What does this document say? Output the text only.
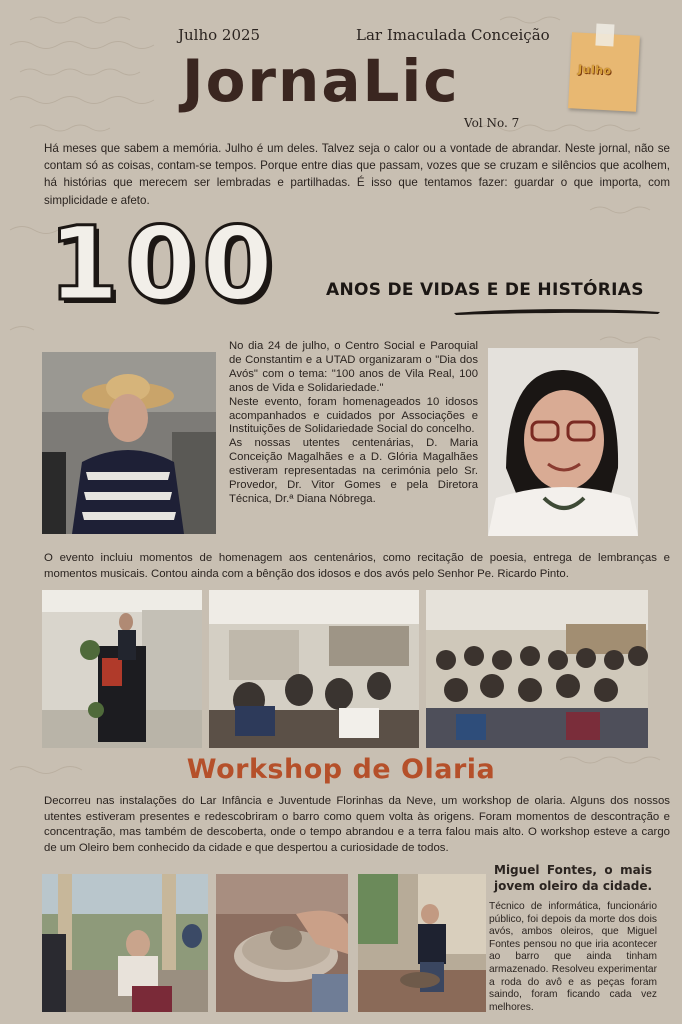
Julho 2025	Lar Imaculada Conceição
JornaLic
Vol No. 7
Julho
Há meses que sabem a memória. Julho é um deles. Talvez seja o calor ou a vontade de abrandar. Neste jornal, não se contam só as coisas, contam-se tempos. Porque entre dias que passam, vozes que se cruzam e silêncios que acolhem, há histórias que merecem ser lembradas e partilhadas. É isso que tentamos fazer: guardar o que importa, com simplicidade e afeto.
100	ANOS DE VIDAS E DE HISTÓRIAS

No dia 24 de julho, o Centro Social e Paroquial de Constantim e a UTAD organizaram o "Dia dos Avós" com o tema: "100 anos de Vila Real, 100 anos de Vida e Solidariedade."

Neste evento, foram homenageados 10 idosos acompanhados e cuidados por Associações e Instituições de Solidariedade Social do concelho.

As nossas utentes centenárias, D. Maria Conceição Magalhães e a D. Glória Magalhães estiveram representadas na cerimónia pelo Sr. Provedor, Dr. Vitor Gomes e pela Diretora Técnica, Dr.ª Diana Nóbrega.

O evento incluiu momentos de homenagem aos centenários, como recitação de poesia, entrega de lembranças e momentos musicais. Contou ainda com a bênção dos idosos e dos avós pelo Senhor Pe. Ricardo Pinto.
Workshop de Olaria
Decorreu nas instalações do Lar Infância e Juventude Florinhas da Neve, um workshop de olaria. Alguns dos nossos utentes estiveram presentes e redescobriram o barro como quem volta às origens. Foram momentos de descontração e concentração, mas também de descoberta, onde o tempo abrandou e a terra falou mais alto. O workshop esteve a cargo de um Oleiro bem conhecido da cidade e que despertou a curiosidade de todos.
Miguel Fontes, o mais jovem oleiro da cidade.
Técnico de informática, funcionário público, foi depois da morte dos dois avós, ambos oleiros, que Miguel Fontes pensou no que iria acontecer ao barro que ainda tinham armazenado. Resolveu experimentar a roda do avô e as peças foram saindo, foram ficando cada vez melhores.
